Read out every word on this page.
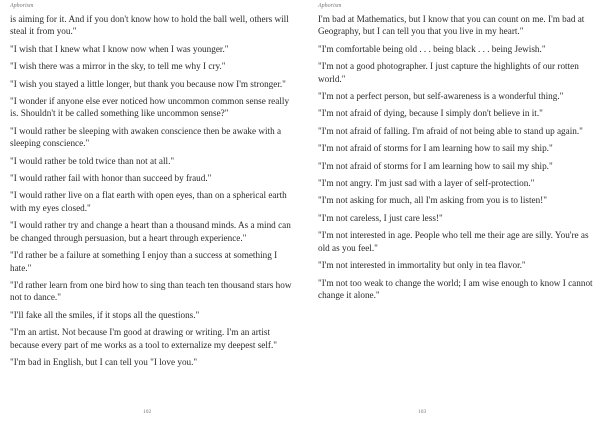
Aphorism

is aiming for it. And if you don't know how to hold the ball well, others will steal it from you."

"I wish that I knew what I know now when I was younger."

"I wish there was a mirror in the sky, to tell me why I cry."

"I wish you stayed a little longer, but thank you because now I'm stronger."

"I wonder if anyone else ever noticed how uncommon common sense really is. Shouldn't it be called something like uncommon sense?"

"I would rather be sleeping with awaken conscience then be awake with a sleeping conscience."

"I would rather be told twice than not at all."

"I would rather fail with honor than succeed by fraud."

"I would rather live on a flat earth with open eyes, than on a spherical earth with my eyes closed."

"I would rather try and change a heart than a thousand minds. As a mind can be changed through persuasion, but a heart through experience."

"I'd rather be a failure at something I enjoy than a success at something I hate."

"I'd rather learn from one bird how to sing than teach ten thousand stars how not to dance."

"I'll fake all the smiles, if it stops all the questions."

"I'm an artist. Not because I'm good at drawing or writing. I'm an artist because every part of me works as a tool to externalize my deepest self."

"I'm bad in English, but I can tell you "I love you."

102
Aphorism

I'm bad at Mathematics, but I know that you can count on me. I'm bad at Geography, but I can tell you that you live in my heart."

"I'm comfortable being old . . . being black . . . being Jewish."

"I'm not a good photographer. I just capture the highlights of our rotten world."

"I'm not a perfect person, but self-awareness is a wonderful thing."

"I'm not afraid of dying, because I simply don't believe in it."

"I'm not afraid of falling. I'm afraid of not being able to stand up again."

"I'm not afraid of storms for I am learning how to sail my ship."

"I'm not afraid of storms for I am learning how to sail my ship."

"I'm not angry. I'm just sad with a layer of self-protection."

"I'm not asking for much, all I'm asking from you is to listen!"

"I'm not careless, I just care less!"

"I'm not interested in age. People who tell me their age are silly. You're as old as you feel."

"I'm not interested in immortality but only in tea flavor."

"I'm not too weak to change the world; I am wise enough to know I cannot change it alone."

103
